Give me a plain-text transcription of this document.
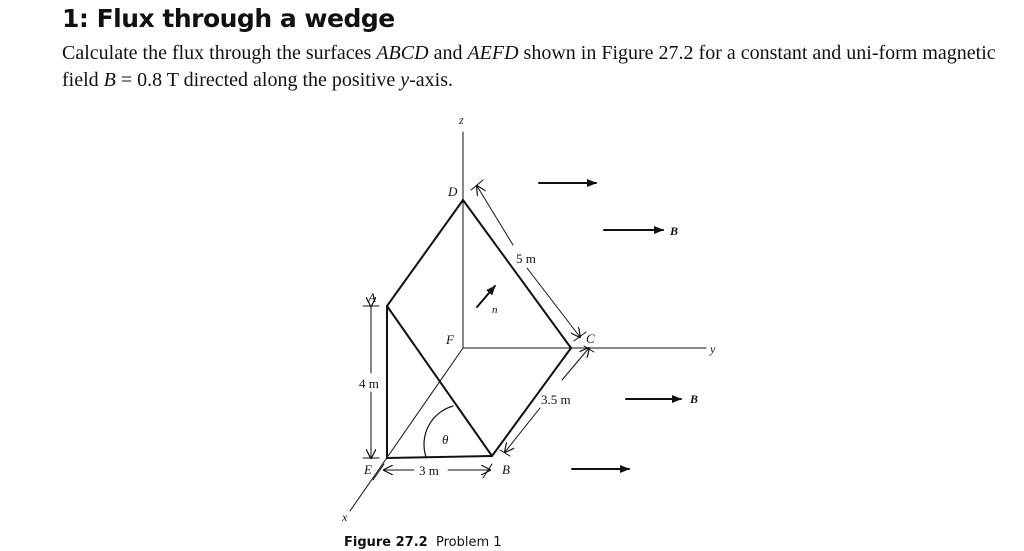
1: Flux through a wedge

Calculate the flux through the surfaces ABCD and AEFD shown in Figure 27.2 for a constant and uni-form magnetic field B = 0.8 T directed along the positive y-axis.

z
y
x
D
A
F	C
E	B
n
θ
4 m
3 m
5 m
3.5 m
B
B

Figure 27.2 Problem 1
